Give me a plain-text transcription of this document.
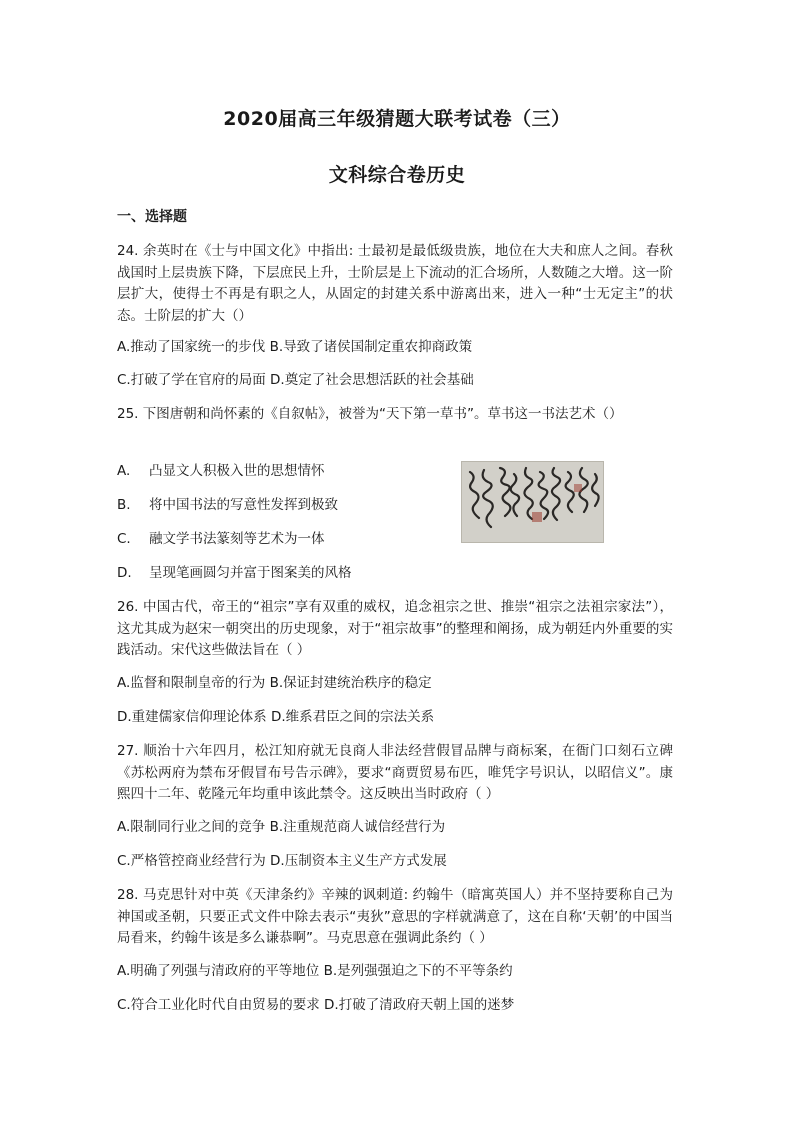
2020届高三年级猜题大联考试卷（三）
文科综合卷历史
一、选择题
24. 余英时在《士与中国文化》中指出: 士最初是最低级贵族，地位在大夫和庶人之间。春秋战国时上层贵族下降，下层庶民上升，士阶层是上下流动的汇合场所，人数随之大增。这一阶层扩大，使得士不再是有职之人，从固定的封建关系中游离出来，进入一种“士无定主”的状态。士阶层的扩大（）
A.推动了国家统一的步伐 B.导致了诸侯国制定重农抑商政策
C.打破了学在官府的局面 D.奠定了社会思想活跃的社会基础
25. 下图唐朝和尚怀素的《自叙帖》，被誉为“天下第一草书”。草书这一书法艺术（）
A. 凸显文人积极入世的思想情怀
B. 将中国书法的写意性发挥到极致
C. 融文学书法篆刻等艺术为一体
D. 呈现笔画圆匀并富于图案美的风格
26. 中国古代，帝王的“祖宗”享有双重的威权，追念祖宗之世、推崇“祖宗之法祖宗家法”），这尤其成为赵宋一朝突出的历史现象，对于“祖宗故事”的整理和阐扬，成为朝廷内外重要的实践活动。宋代这些做法旨在（ ）
A.监督和限制皇帝的行为 B.保证封建统治秩序的稳定
D.重建儒家信仰理论体系 D.维系君臣之间的宗法关系
27. 顺治十六年四月，松江知府就无良商人非法经营假冒品牌与商标案，在衙门口刻石立碑《苏松两府为禁布牙假冒布号告示碑》，要求“商贾贸易布匹，唯凭字号识认，以昭信义”。康熙四十二年、乾隆元年均重申该此禁令。这反映出当时政府（ ）
A.限制同行业之间的竞争 B.注重规范商人诚信经营行为
C.严格管控商业经营行为 D.压制资本主义生产方式发展
28. 马克思针对中英《天津条约》辛辣的讽刺道: 约翰牛（暗寓英国人）并不坚持要称自己为神国或圣朝，只要正式文件中除去表示“夷狄”意思的字样就满意了，这在自称‘天朝’的中国当局看来，约翰牛该是多么谦恭啊”。马克思意在强调此条约（ ）
A.明确了列强与清政府的平等地位 B.是列强强迫之下的不平等条约
C.符合工业化时代自由贸易的要求 D.打破了清政府天朝上国的迷梦
